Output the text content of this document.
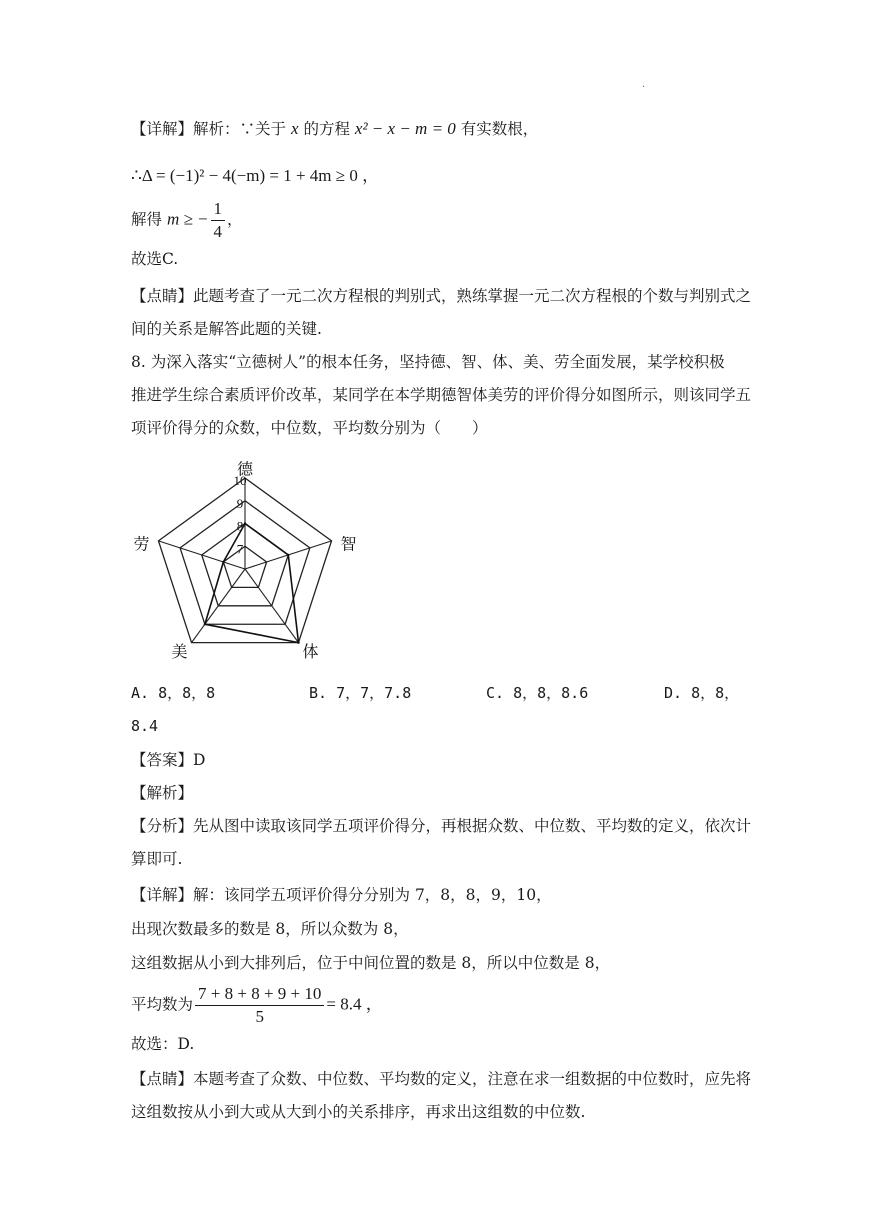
·
【详解】解析：∵关于 x 的方程 x² − x − m = 0 有实数根，
∴Δ = (−1)² − 4(−m) = 1 + 4m ≥ 0 ，
解得 m ≥ − $\frac{1}{4}$ ，
故选C.
【点睛】此题考查了一元二次方程根的判别式，熟练掌握一元二次方程根的个数与判别式之
间的关系是解答此题的关键.
8. 为深入落实“立德树人”的根本任务，坚持德、智、体、美、劳全面发展，某学校积极
推进学生综合素质评价改革，某同学在本学期德智体美劳的评价得分如图所示，则该同学五
项评价得分的众数，中位数，平均数分别为（　　）
德
智
体
美
劳	7
8
9
10
A. 8，8，8	B. 7，7，7.8	C. 8，8，8.6	D. 8，8，
8.4
【答案】D
【解析】
【分析】先从图中读取该同学五项评价得分，再根据众数、中位数、平均数的定义，依次计
算即可.
【详解】解：该同学五项评价得分分别为 7，8，8，9，10，
出现次数最多的数是 8，所以众数为 8，
这组数据从小到大排列后，位于中间位置的数是 8，所以中位数是 8，
平均数为 $\frac{7 + 8 + 8 + 9 + 10}{5} = 8.4$ ，
故选：D.
【点睛】本题考查了众数、中位数、平均数的定义，注意在求一组数据的中位数时，应先将
这组数按从小到大或从大到小的关系排序，再求出这组数的中位数.
